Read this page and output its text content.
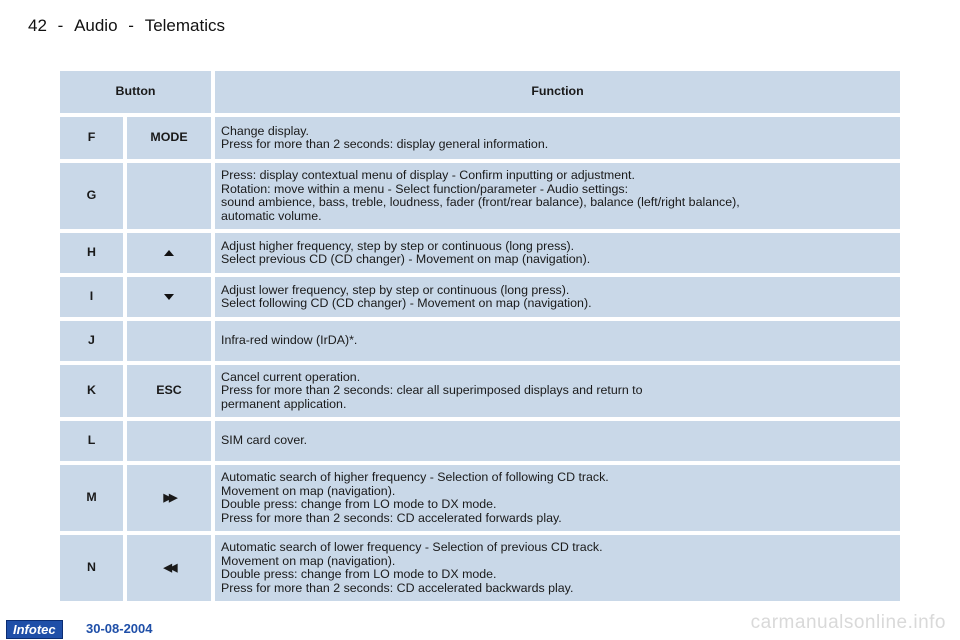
42 - Audio - Telematics
Button		Function
F	MODE	Change display.
Press for more than 2 seconds: display general information.

G		Press: display contextual menu of display - Confirm inputting or adjustment.
Rotation: move within a menu - Select function/parameter - Audio settings:
sound ambience, bass, treble, loudness, fader (front/rear balance), balance (left/right balance),
automatic volume.

H		Adjust higher frequency, step by step or continuous (long press).
Select previous CD (CD changer) - Movement on map (navigation).

I		Adjust lower frequency, step by step or continuous (long press).
Select following CD (CD changer) - Movement on map (navigation).

J		Infra-red window (IrDA)*.

K	ESC	Cancel current operation.
Press for more than 2 seconds: clear all superimposed displays and return to
permanent application.

L		SIM card cover.

M	▶▶	Automatic search of higher frequency - Selection of following CD track.
Movement on map (navigation).
Double press: change from LO mode to DX mode.
Press for more than 2 seconds: CD accelerated forwards play.

N	◀◀	Automatic search of lower frequency - Selection of previous CD track.
Movement on map (navigation).
Double press: change from LO mode to DX mode.
Press for more than 2 seconds: CD accelerated backwards play.
Infotec	30-08-2004	carmanualsonline.info
